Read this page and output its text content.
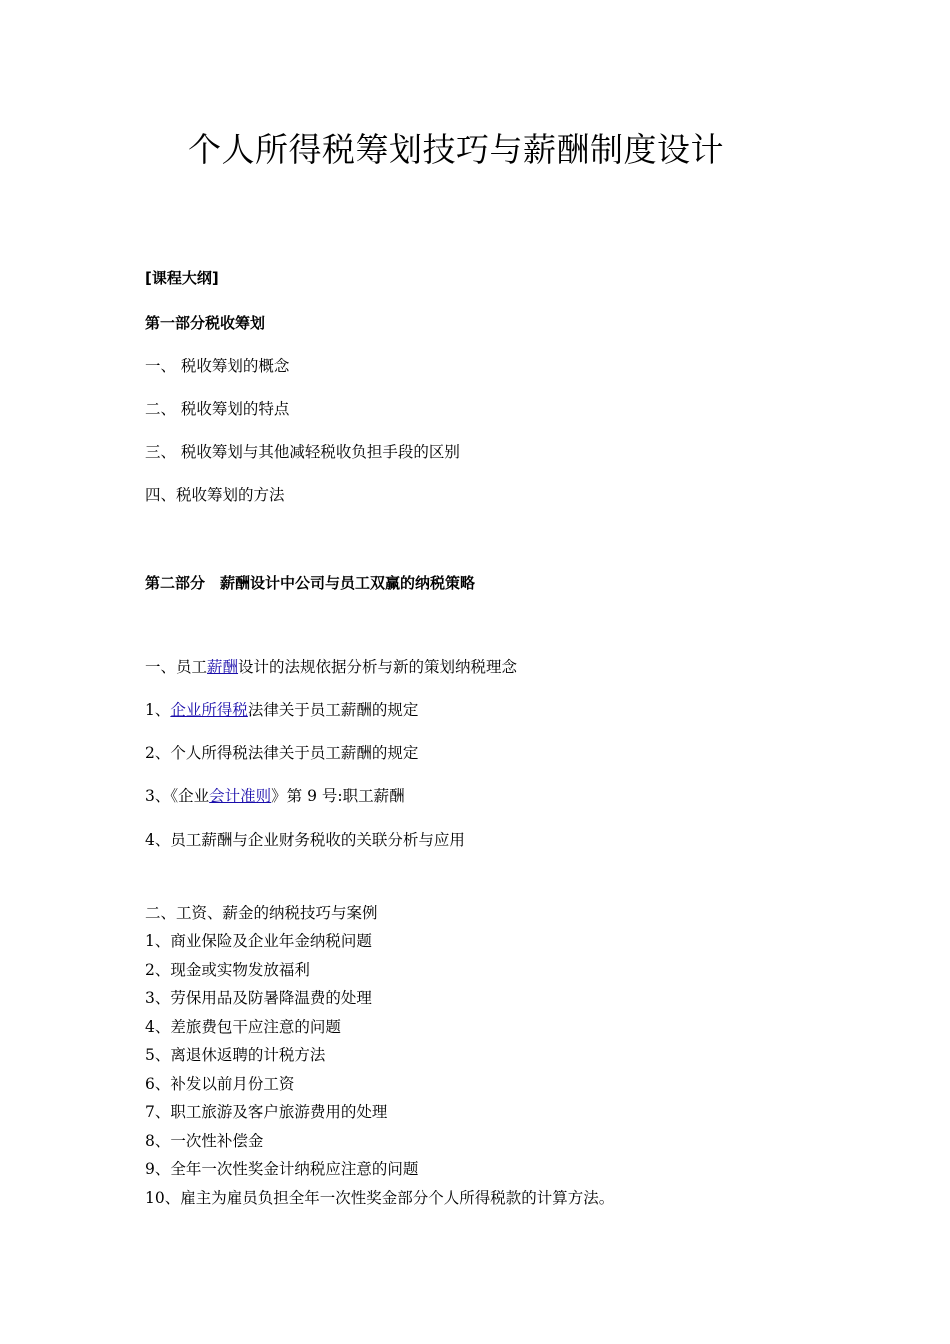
个人所得税筹划技巧与薪酬制度设计

[课程大纲]

第一部分税收筹划

一、 税收筹划的概念

二、 税收筹划的特点

三、 税收筹划与其他减轻税收负担手段的区别

四、税收筹划的方法

第二部分　薪酬设计中公司与员工双赢的纳税策略

一、员工薪酬设计的法规依据分析与新的策划纳税理念

1、企业所得税法律关于员工薪酬的规定

2、个人所得税法律关于员工薪酬的规定

3、《企业会计准则》第 9 号:职工薪酬

4、员工薪酬与企业财务税收的关联分析与应用

二、工资、薪金的纳税技巧与案例

1、商业保险及企业年金纳税问题

2、现金或实物发放福利

3、劳保用品及防暑降温费的处理

4、差旅费包干应注意的问题

5、离退休返聘的计税方法

6、补发以前月份工资

7、职工旅游及客户旅游费用的处理

8、一次性补偿金

9、全年一次性奖金计纳税应注意的问题

10、雇主为雇员负担全年一次性奖金部分个人所得税款的计算方法。
